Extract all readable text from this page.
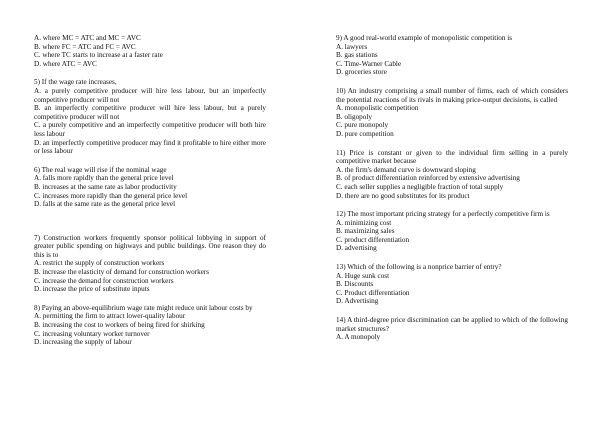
A. where MC = ATC and MC = AVC
B. where FC = ATC and FC = AVC
C. where TC starts to increase at a faster rate
D. where ATC = AVC
5) If the wage rate increases,
A. a purely competitive producer will hire less labour, but an imperfectly competitive producer will not
B. an imperfectly competitive producer will hire less labour, but a purely competitive producer will not
C. a purely competitive and an imperfectly competitive producer will both hire less labour
D. an imperfectly competitive producer may find it profitable to hire either more or less labour
6) The real wage will rise if the nominal wage
A. falls more rapidly than the general price level
B. increases at the same rate as labor productivity
C. increases more rapidly than the general price level
D. falls at the same rate as the general price level
7) Construction workers frequently sponsor political lobbying in support of greater public spending on highways and public buildings. One reason they do this is to
A. restrict the supply of construction workers
B. increase the elasticity of demand for construction workers
C. increase the demand for construction workers
D. increase the price of substitute inputs
8) Paying an above-equilibrium wage rate might reduce unit labour costs by
A. permitting the firm to attract lower-quality labour
B. increasing the cost to workers of being fired for shirking
C. increasing voluntary worker turnover
D. increasing the supply of labour
9) A good real-world example of monopolistic competition is
A. lawyers
B. gas stations
C. Time-Warner Cable
D. groceries store
10) An industry comprising a small number of firms, each of which considers the potential reactions of its rivals in making price-output decisions, is called
A. monopolistic competition
B. oligopoly
C. pure monopoly
D. pure competition
11) Price is constant or given to the individual firm selling in a purely competitive market because
A. the firm's demand curve is downward sloping
B. of product differentiation reinforced by extensive advertising
C. each seller supplies a negligible fraction of total supply
D. there are no good substitutes for its product
12) The most important pricing strategy for a perfectly competitive firm is
A. minimizing cost
B. maximizing sales
C. product differentiation
D. advertising
13) Which of the following is a nonprice barrier of entry?
A. Huge sunk cost
B. Discounts
C. Product differentiation
D. Advertising
14) A third-degree price discrimination can be applied to which of the following market structures?
A. A monopoly
